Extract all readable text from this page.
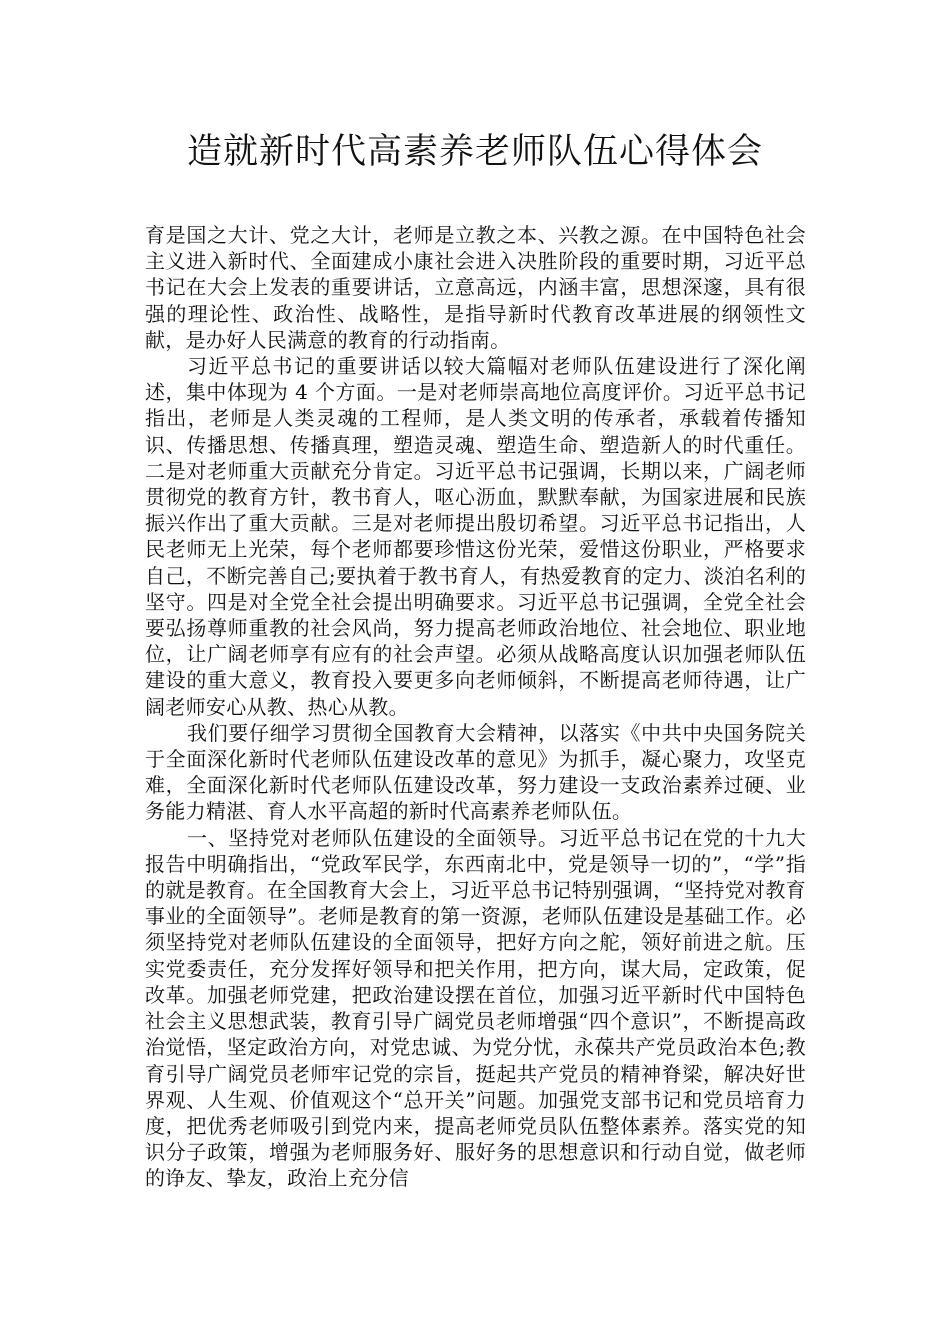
造就新时代高素养老师队伍心得体会

育是国之大计、党之大计，老师是立教之本、兴教之源。在中国特色社会主义进入新时代、全面建成小康社会进入决胜阶段的重要时期，习近平总书记在大会上发表的重要讲话，立意高远，内涵丰富，思想深邃，具有很强的理论性、政治性、战略性，是指导新时代教育改革进展的纲领性文献，是办好人民满意的教育的行动指南。

习近平总书记的重要讲话以较大篇幅对老师队伍建设进行了深化阐述，集中体现为 4 个方面。一是对老师崇高地位高度评价。习近平总书记指出，老师是人类灵魂的工程师，是人类文明的传承者，承载着传播知识、传播思想、传播真理，塑造灵魂、塑造生命、塑造新人的时代重任。二是对老师重大贡献充分肯定。习近平总书记强调，长期以来，广阔老师贯彻党的教育方针，教书育人，呕心沥血，默默奉献，为国家进展和民族振兴作出了重大贡献。三是对老师提出殷切希望。习近平总书记指出，人民老师无上光荣，每个老师都要珍惜这份光荣，爱惜这份职业，严格要求自己，不断完善自己;要执着于教书育人，有热爱教育的定力、淡泊名利的坚守。四是对全党全社会提出明确要求。习近平总书记强调，全党全社会要弘扬尊师重教的社会风尚，努力提高老师政治地位、社会地位、职业地位，让广阔老师享有应有的社会声望。必须从战略高度认识加强老师队伍建设的重大意义，教育投入要更多向老师倾斜，不断提高老师待遇，让广阔老师安心从教、热心从教。

我们要仔细学习贯彻全国教育大会精神，以落实《中共中央国务院关于全面深化新时代老师队伍建设改革的意见》为抓手，凝心聚力，攻坚克难，全面深化新时代老师队伍建设改革，努力建设一支政治素养过硬、业务能力精湛、育人水平高超的新时代高素养老师队伍。

一、坚持党对老师队伍建设的全面领导。习近平总书记在党的十九大报告中明确指出，“党政军民学，东西南北中，党是领导一切的”，“学”指的就是教育。在全国教育大会上，习近平总书记特别强调，“坚持党对教育事业的全面领导”。老师是教育的第一资源，老师队伍建设是基础工作。必须坚持党对老师队伍建设的全面领导，把好方向之舵，领好前进之航。压实党委责任，充分发挥好领导和把关作用，把方向，谋大局，定政策，促改革。加强老师党建，把政治建设摆在首位，加强习近平新时代中国特色社会主义思想武装，教育引导广阔党员老师增强“四个意识”，不断提高政治觉悟，坚定政治方向，对党忠诚、为党分忧，永葆共产党员政治本色;教育引导广阔党员老师牢记党的宗旨，挺起共产党员的精神脊梁，解决好世界观、人生观、价值观这个“总开关”问题。加强党支部书记和党员培育力度，把优秀老师吸引到党内来，提高老师党员队伍整体素养。落实党的知识分子政策，增强为老师服务好、服好务的思想意识和行动自觉，做老师的诤友、挚友，政治上充分信
